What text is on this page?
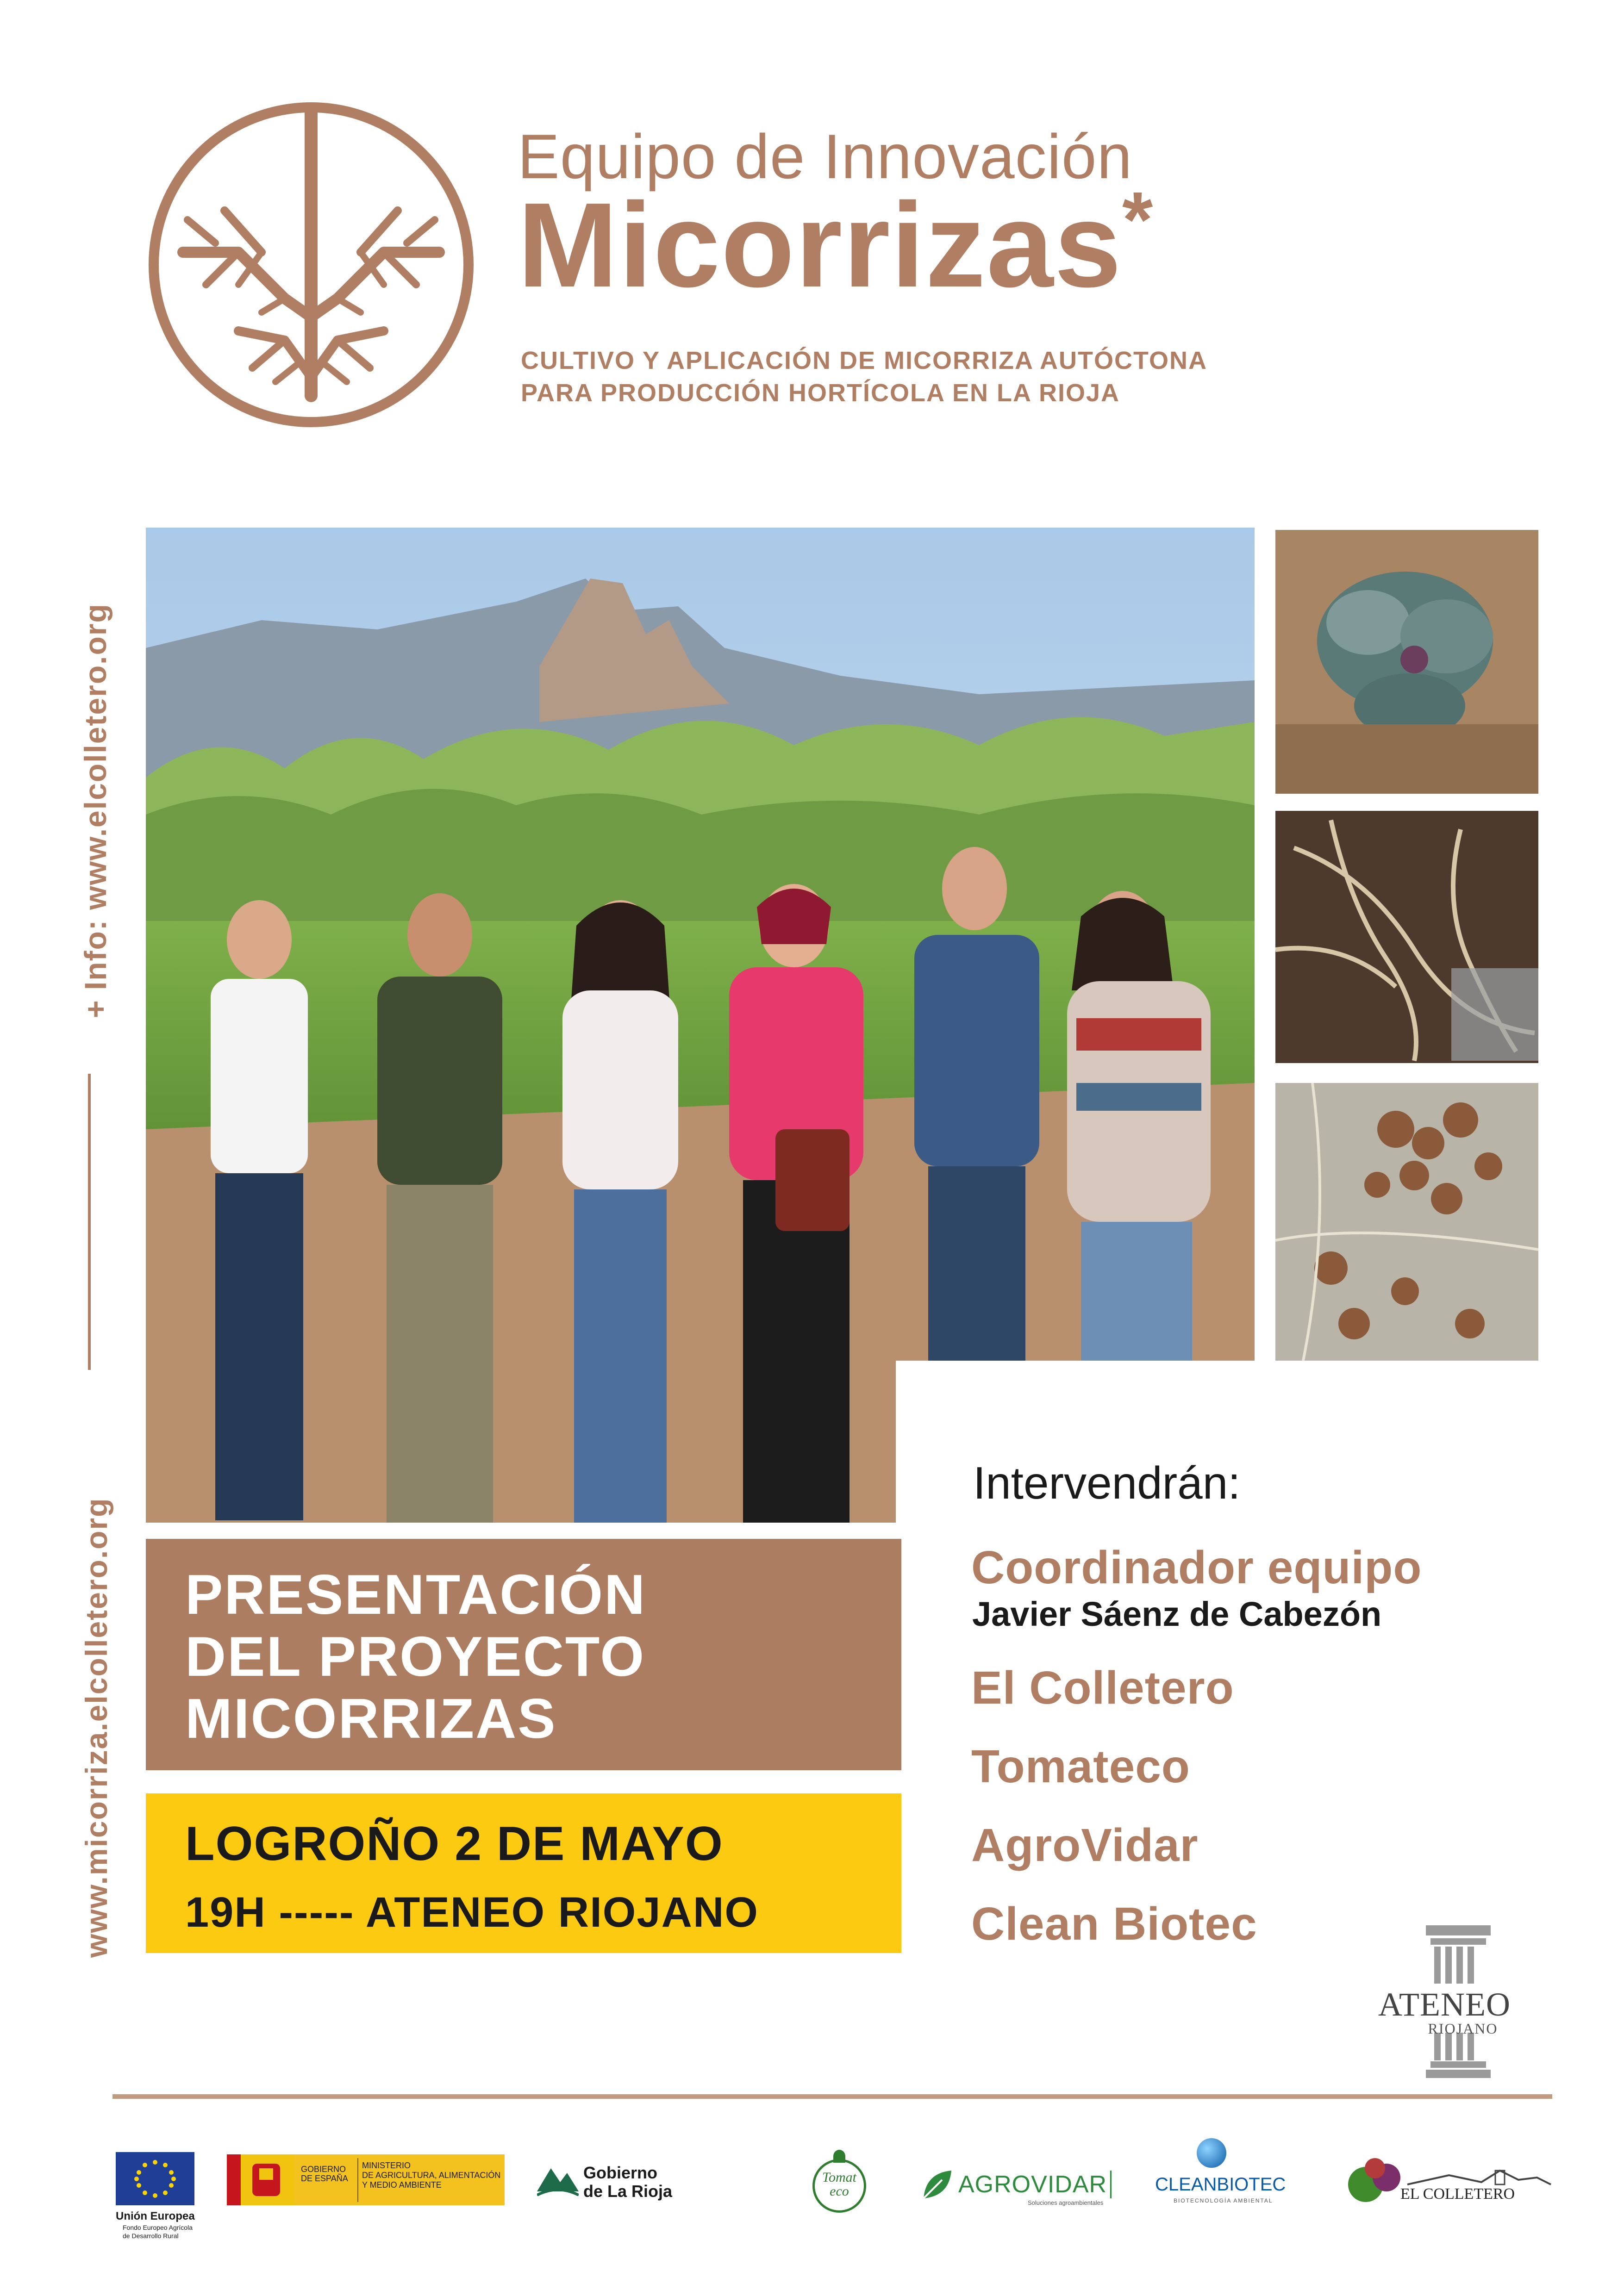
Equipo de Innovación
Micorrizas*
CULTIVO Y APLICACIÓN DE MICORRIZA AUTÓCTONA
PARA PRODUCCIÓN HORTÍCOLA EN LA RIOJA
+ Info: www.elcolletero.org
www.micorriza.elcolletero.org PRESENTACIÓN
DEL PROYECTO
MICORRIZAS
LOGROÑO 2 DE MAYO
19H ----- ATENEO RIOJANO
Intervendrán:
Coordinador equipo
Javier Sáenz de Cabezón
El Colletero
Tomateco
AgroVidar
Clean Biotec
ATENEO
RIOJANO
Unión Europea
Fondo Europeo Agrícola
de Desarrollo Rural
GOBIERNO
DE ESPAÑA
MINISTERIO
DE AGRICULTURA, ALIMENTACIÓN
Y MEDIO AMBIENTE
Gobierno
de La Rioja
Tomat
eco	AGROVIDAR
Soluciones agroambientales
CLEANBIOTEC
BIOTECNOLOGÍA AMBIENTAL	EL COLLETERO
